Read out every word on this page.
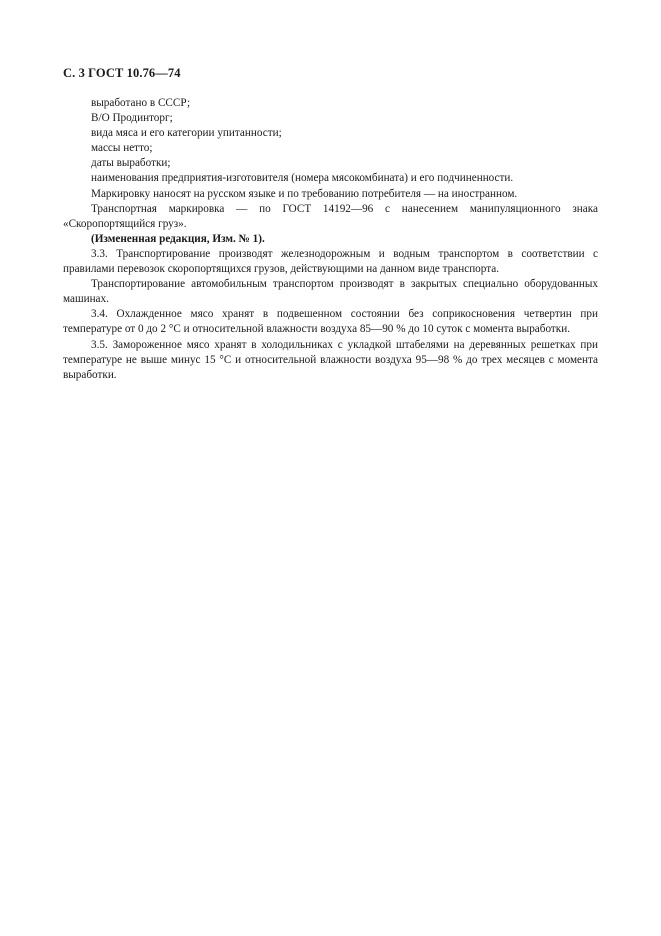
С. 3 ГОСТ 10.76—74

выработано в СССР;

В/О Продинторг;

вида мяса и его категории упитанности;

массы нетто;

даты выработки;

наименования предприятия-изготовителя (номера мясокомбината) и его подчиненности.

Маркировку наносят на русском языке и по требованию потребителя — на иностранном.

Транспортная маркировка — по ГОСТ 14192—96 с нанесением манипуляционного знака «Скоропортящийся груз».

(Измененная редакция, Изм. № 1).

3.3. Транспортирование производят железнодорожным и водным транспортом в соответствии с правилами перевозок скоропортящихся грузов, действующими на данном виде транспорта.

Транспортирование автомобильным транспортом производят в закрытых специально оборудованных машинах.

3.4. Охлажденное мясо хранят в подвешенном состоянии без соприкосновения четвертин при температуре от 0 до 2 °С и относительной влажности воздуха 85—90 % до 10 суток с момента выработки.

3.5. Замороженное мясо хранят в холодильниках с укладкой штабелями на деревянных решетках при температуре не выше минус 15 °С и относительной влажности воздуха 95—98 % до трех месяцев с момента выработки.
